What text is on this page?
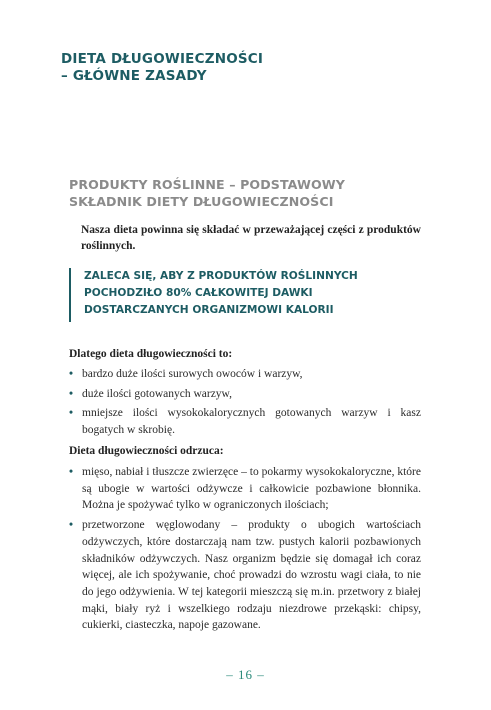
DIETA DŁUGOWIECZNOŚCI
– GŁÓWNE ZASADY
PRODUKTY ROŚLINNE – PODSTAWOWY
SKŁADNIK DIETY DŁUGOWIECZNOŚCI
Nasza dieta powinna się składać w przeważającej części z produktów roślinnych.
ZALECA SIĘ, ABY Z PRODUKTÓW ROŚLINNYCH
POCHODZIŁO 80% CAŁKOWITEJ DAWKI
DOSTARCZANYCH ORGANIZMOWI KALORII
Dlatego dieta długowieczności to:
• bardzo duże ilości surowych owoców i warzyw,
• duże ilości gotowanych warzyw,
• mniejsze ilości wysokokalorycznych gotowanych warzyw i kasz bogatych w skrobię.
Dieta długowieczności odrzuca:
• mięso, nabiał i tłuszcze zwierzęce – to pokarmy wysokokaloryczne, które są ubogie w wartości odżywcze i całkowicie pozbawione błonnika. Można je spożywać tylko w ograniczonych ilościach;
• przetworzone węglowodany – produkty o ubogich wartościach odżywczych, które dostarczają nam tzw. pustych kalorii pozbawionych składników odżywczych. Nasz organizm będzie się domagał ich coraz więcej, ale ich spożywanie, choć prowadzi do wzrostu wagi ciała, to nie do jego odżywienia. W tej kategorii mieszczą się m.in. przetwory z białej mąki, biały ryż i wszelkiego rodzaju niezdrowe przekąski: chipsy, cukierki, ciasteczka, napoje gazowane.
– 16 –
